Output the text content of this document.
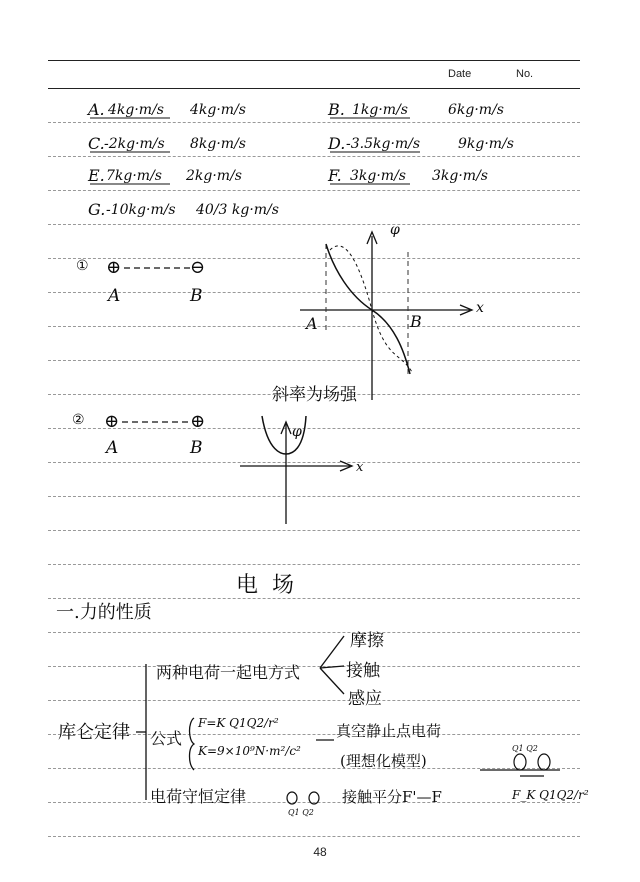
Date	No.
A. 4kg·m/s 4kg·m/s	B. 1kg·m/s	6kg·m/s
C. -2kg·m/s 8kg·m/s	D. -3.5kg·m/s	9kg·m/s
E. 7kg·m/s 2kg·m/s	F. 3kg·m/s 3kg·m/s
G. -10kg·m/s 40/3 kg·m/s
① ⊕	⊖
A	B
φ
x
A	B
斜率为场强
② ⊕	⊕
A	B
φ
x
电场
一.力的性质
库仑定律
两种电荷一起电方式
摩擦
接触
感应
公式
F=K Q1Q2/r²
K=9×10⁹N·m²/c²
真空静止点电荷
(理想化模型)
电荷守恒定律
Q1 Q2
接触平分F'—F	F_K Q1Q2/r²
Q1 Q2
48
